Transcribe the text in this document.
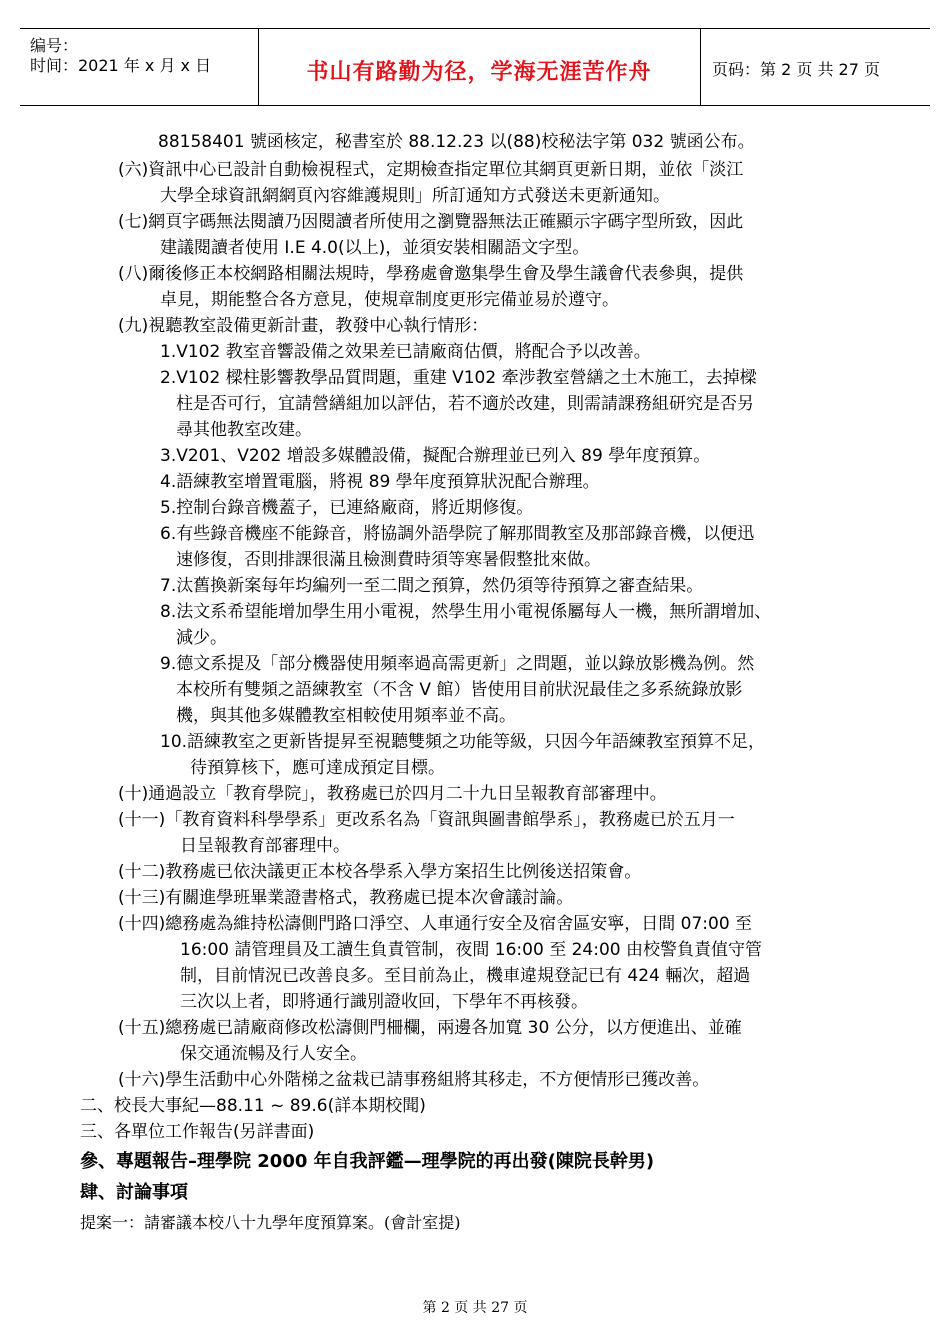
编号：
时间：2021 年 x 月 x 日	书山有路勤为径，学海无涯苦作舟	页码：第 2 页 共 27 页
88158401 號函核定，秘書室於 88.12.23 以(88)校秘法字第 032 號函公布。
(六)資訊中心已設計自動檢視程式，定期檢查指定單位其網頁更新日期，並依「淡江
大學全球資訊網網頁內容維護規則」所訂通知方式發送未更新通知。
(七)網頁字碼無法閱讀乃因閱讀者所使用之瀏覽器無法正確顯示字碼字型所致，因此
建議閱讀者使用 I.E 4.0(以上)，並須安裝相關語文字型。
(八)爾後修正本校網路相關法規時，學務處會邀集學生會及學生議會代表參與，提供
卓見，期能整合各方意見，使規章制度更形完備並易於遵守。
(九)視聽教室設備更新計畫，教發中心執行情形：
1.V102 教室音響設備之效果差已請廠商估價，將配合予以改善。
2.V102 樑柱影響教學品質問題，重建 V102 牽涉教室營繕之土木施工，去掉樑
柱是否可行，宜請營繕組加以評估，若不適於改建，則需請課務組研究是否另
尋其他教室改建。
3.V201、V202 增設多媒體設備，擬配合辦理並已列入 89 學年度預算。
4.語練教室增置電腦，將視 89 學年度預算狀況配合辦理。
5.控制台錄音機蓋子，已連絡廠商，將近期修復。
6.有些錄音機座不能錄音，將協調外語學院了解那間教室及那部錄音機，以便迅
速修復，否則排課很滿且檢測費時須等寒暑假整批來做。
7.汰舊換新案每年均編列一至二間之預算，然仍須等待預算之審查結果。
8.法文系希望能增加學生用小電視，然學生用小電視係屬每人一機，無所謂增加、
減少。
9.德文系提及「部分機器使用頻率過高需更新」之問題，並以錄放影機為例。然
本校所有雙頻之語練教室（不含 V 館）皆使用目前狀況最佳之多系統錄放影
機，與其他多媒體教室相較使用頻率並不高。
10.語練教室之更新皆提昇至視聽雙頻之功能等級，只因今年語練教室預算不足，
待預算核下，應可達成預定目標。
(十)通過設立「教育學院」，教務處已於四月二十九日呈報教育部審理中。
(十一)「教育資料科學學系」更改系名為「資訊與圖書館學系」，教務處已於五月一
日呈報教育部審理中。
(十二)教務處已依決議更正本校各學系入學方案招生比例後送招策會。
(十三)有關進學班畢業證書格式，教務處已提本次會議討論。
(十四)總務處為維持松濤側門路口淨空、人車通行安全及宿舍區安寧，日間 07:00 至
16:00 請管理員及工讀生負責管制，夜間 16:00 至 24:00 由校警負責值守管
制，目前情況已改善良多。至目前為止，機車違規登記已有 424 輛次，超過
三次以上者，即將通行識別證收回，下學年不再核發。
(十五)總務處已請廠商修改松濤側門柵欄，兩邊各加寬 30 公分，以方便進出、並確
保交通流暢及行人安全。
(十六)學生活動中心外階梯之盆栽已請事務組將其移走，不方便情形已獲改善。
二、校長大事紀—88.11 ~ 89.6(詳本期校聞)
三、各單位工作報告(另詳書面)
參、專題報告–理學院 2000 年自我評鑑—理學院的再出發(陳院長幹男)
肆、討論事項
提案一：請審議本校八十九學年度預算案。(會計室提)
第 2 页 共 27 页
